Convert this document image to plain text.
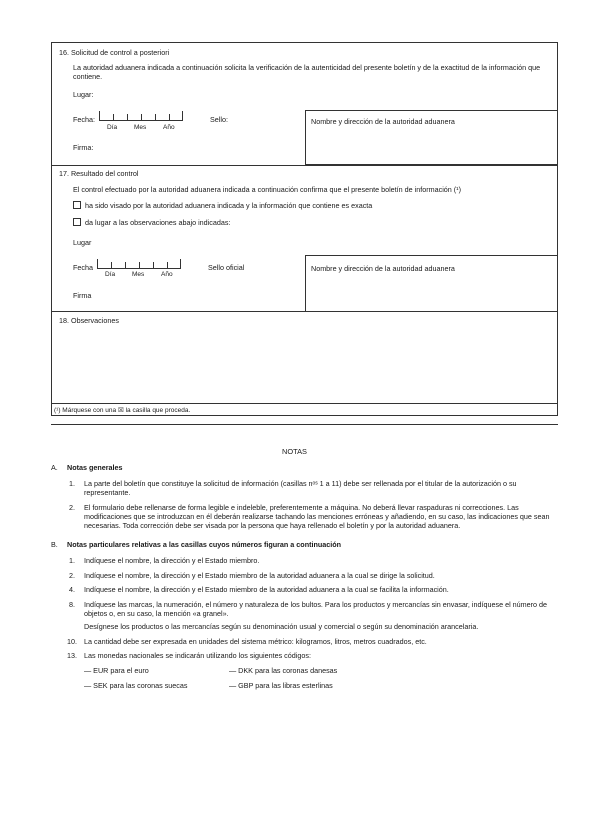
16. Solicitud de control a posteriori
La autoridad aduanera indicada a continuación solicita la verificación de la autenticidad del presente boletín y de la exactitud de la información que contiene.
Lugar:
Fecha:
Día	Mes	Año
Sello:	Nombre y dirección de la autoridad aduanera
Firma:
17. Resultado del control
El control efectuado por la autoridad aduanera indicada a continuación confirma que el presente boletín de información (¹)
ha sido visado por la autoridad aduanera indicada y la información que contiene es exacta
da lugar a las observaciones abajo indicadas:
Lugar
Fecha
Día	Mes	Año
Sello oficial	Nombre y dirección de la autoridad aduanera
Firma
18. Observaciones
(¹) Márquese con una ☒ la casilla que proceda.
NOTAS
A. Notas generales
1. La parte del boletín que constituye la solicitud de información (casillas nᵒˢ 1 a 11) debe ser rellenada por el titular de la autorización o su representante.
2. El formulario debe rellenarse de forma legible e indeleble, preferentemente a máquina. No deberá llevar raspaduras ni correcciones. Las modificaciones que se introduzcan en él deberán realizarse tachando las menciones erróneas y añadiendo, en su caso, las indicaciones que sean necesarias. Toda corrección debe ser visada por la persona que haya rellenado el boletín y por la autoridad aduanera.
B. Notas particulares relativas a las casillas cuyos números figuran a continuación
1. Indíquese el nombre, la dirección y el Estado miembro.
2. Indíquese el nombre, la dirección y el Estado miembro de la autoridad aduanera a la cual se dirige la solicitud.
4. Indíquese el nombre, la dirección y el Estado miembro de la autoridad aduanera a la cual se facilita la información.
8. Indíquese las marcas, la numeración, el número y naturaleza de los bultos. Para los productos y mercancías sin envasar, indíquese el número de objetos o, en su caso, la mención «a granel».
Desígnese los productos o las mercancías según su denominación usual y comercial o según su denominación arancelaria.
10. La cantidad debe ser expresada en unidades del sistema métrico: kilogramos, litros, metros cuadrados, etc.
13. Las monedas nacionales se indicarán utilizando los siguientes códigos:
— EUR para el euro	— DKK para las coronas danesas
— SEK para las coronas suecas	— GBP para las libras esterlinas
